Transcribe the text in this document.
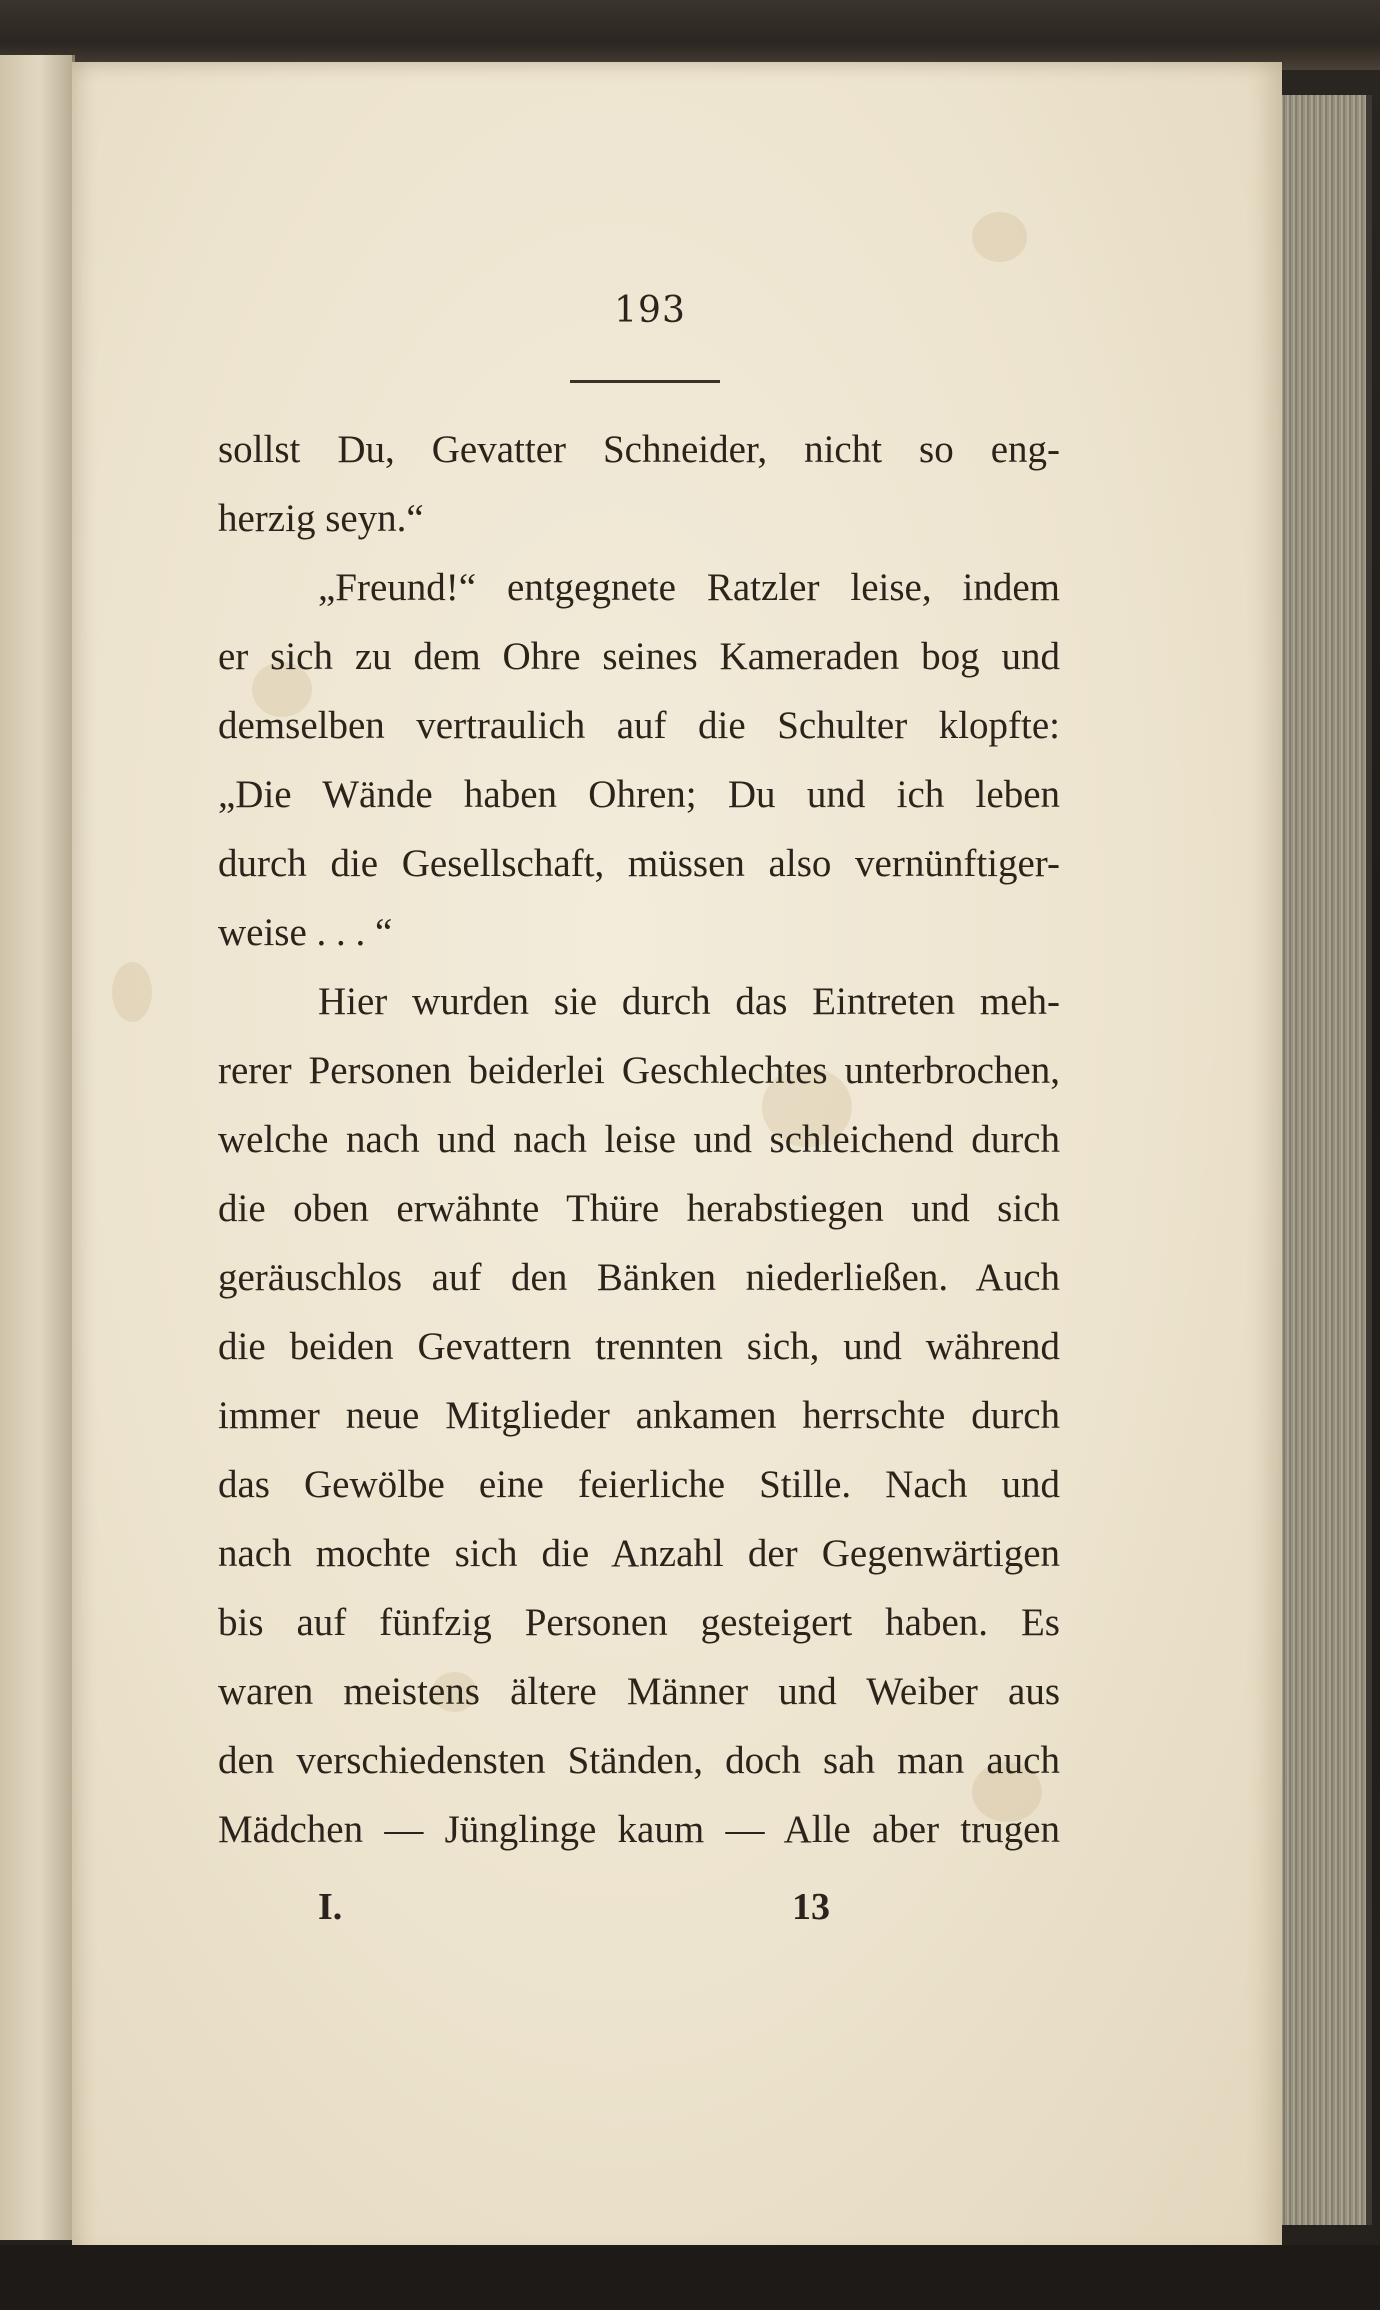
193
sollst Du, Gevatter Schneider, nicht so eng-
herzig seyn.“
„Freund!“ entgegnete Ratzler leise, indem
er sich zu dem Ohre seines Kameraden bog und
demselben vertraulich auf die Schulter klopfte:
„Die Wände haben Ohren; Du und ich leben
durch die Gesellschaft, müssen also vernünftiger-
weise . . . “
Hier wurden sie durch das Eintreten meh-
rerer Personen beiderlei Geschlechtes unterbrochen,
welche nach und nach leise und schleichend durch
die oben erwähnte Thüre herabstiegen und sich
geräuschlos auf den Bänken niederließen. Auch
die beiden Gevattern trennten sich, und während
immer neue Mitglieder ankamen herrschte durch
das Gewölbe eine feierliche Stille. Nach und
nach mochte sich die Anzahl der Gegenwärtigen
bis auf fünfzig Personen gesteigert haben. Es
waren meistens ältere Männer und Weiber aus
den verschiedensten Ständen, doch sah man auch
Mädchen — Jünglinge kaum — Alle aber trugen
I.	13
